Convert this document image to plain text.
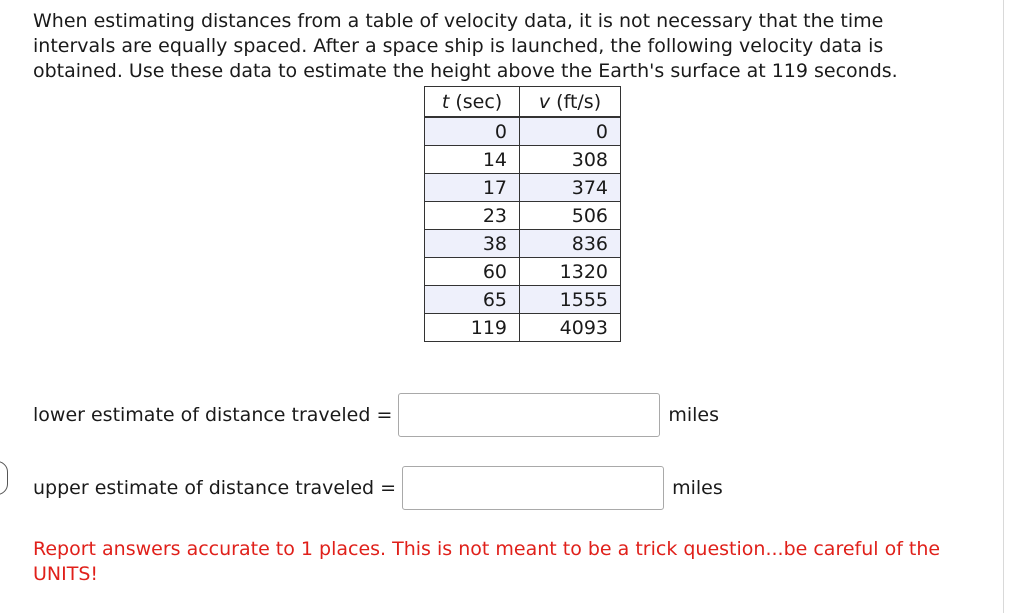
When estimating distances from a table of velocity data, it is not necessary that the time

intervals are equally spaced. After a space ship is launched, the following velocity data is

obtained. Use these data to estimate the height above the Earth's surface at 119 seconds.

t (sec)	v (ft/s)
0	0
14	308
17	374
23	506
38	836
60	1320
65	1555
119	4093
lower estimate of distance traveled =	miles
upper estimate of distance traveled =	miles

Report answers accurate to 1 places. This is not meant to be a trick question...be careful of the UNITS!
